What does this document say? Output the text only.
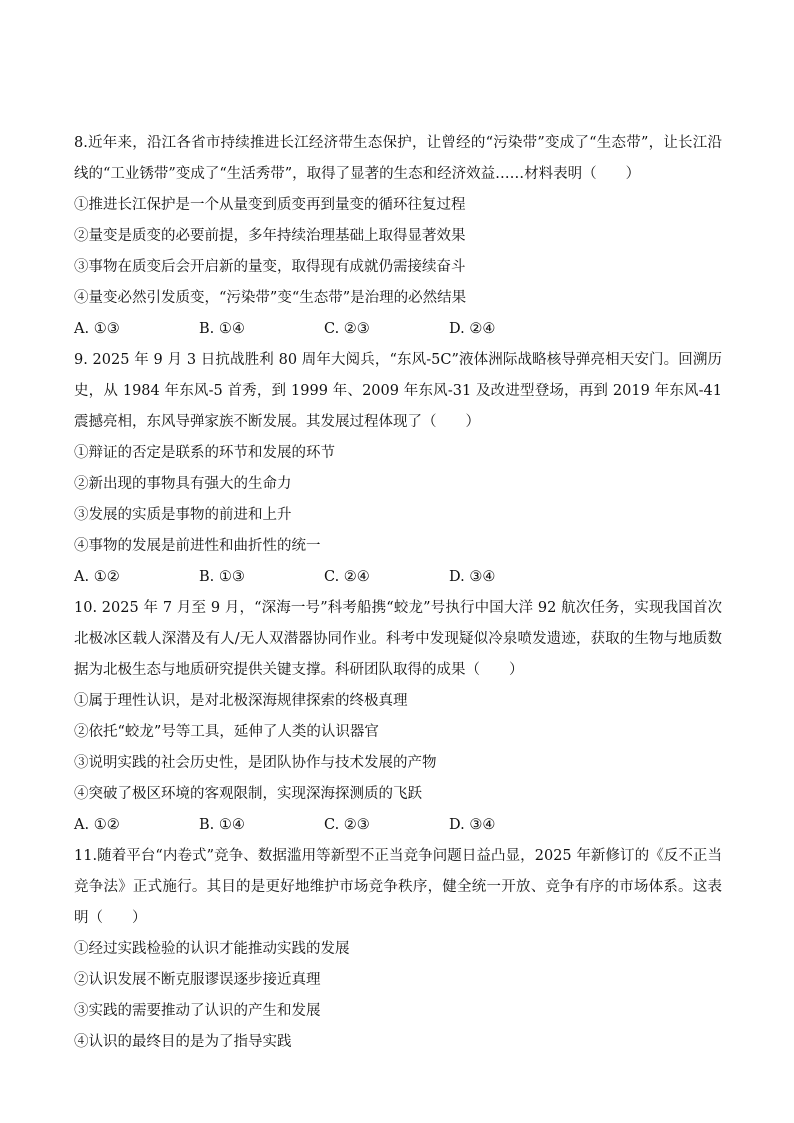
8.近年来，沿江各省市持续推进长江经济带生态保护，让曾经的“污染带”变成了“生态带”，让长江沿线的“工业锈带”变成了“生活秀带”，取得了显著的生态和经济效益……材料表明（　　）

①推进长江保护是一个从量变到质变再到量变的循环往复过程

②量变是质变的必要前提，多年持续治理基础上取得显著效果

③事物在质变后会开启新的量变，取得现有成就仍需接续奋斗

④量变必然引发质变，“污染带”变“生态带”是治理的必然结果

A. ①③	B. ①④	C. ②③	D. ②④

9. 2025 年 9 月 3 日抗战胜利 80 周年大阅兵，“东风-5C”液体洲际战略核导弹亮相天安门。回溯历史，从 1984 年东风-5 首秀，到 1999 年、2009 年东风-31 及改进型登场，再到 2019 年东风-41 震撼亮相，东风导弹家族不断发展。其发展过程体现了（　　）

①辩证的否定是联系的环节和发展的环节

②新出现的事物具有强大的生命力

③发展的实质是事物的前进和上升

④事物的发展是前进性和曲折性的统一

A. ①②	B. ①③	C. ②④	D. ③④

10. 2025 年 7 月至 9 月，“深海一号”科考船携“蛟龙”号执行中国大洋 92 航次任务，实现我国首次北极冰区载人深潜及有人/无人双潜器协同作业。科考中发现疑似冷泉喷发遗迹，获取的生物与地质数据为北极生态与地质研究提供关键支撑。科研团队取得的成果（　　）

①属于理性认识，是对北极深海规律探索的终极真理

②依托“蛟龙”号等工具，延伸了人类的认识器官

③说明实践的社会历史性，是团队协作与技术发展的产物

④突破了极区环境的客观限制，实现深海探测质的飞跃

A. ①②	B. ①④	C. ②③	D. ③④

11.随着平台“内卷式”竞争、数据滥用等新型不正当竞争问题日益凸显，2025 年新修订的《反不正当竞争法》正式施行。其目的是更好地维护市场竞争秩序，健全统一开放、竞争有序的市场体系。这表明（　　）

①经过实践检验的认识才能推动实践的发展

②认识发展不断克服谬误逐步接近真理

③实践的需要推动了认识的产生和发展

④认识的最终目的是为了指导实践
